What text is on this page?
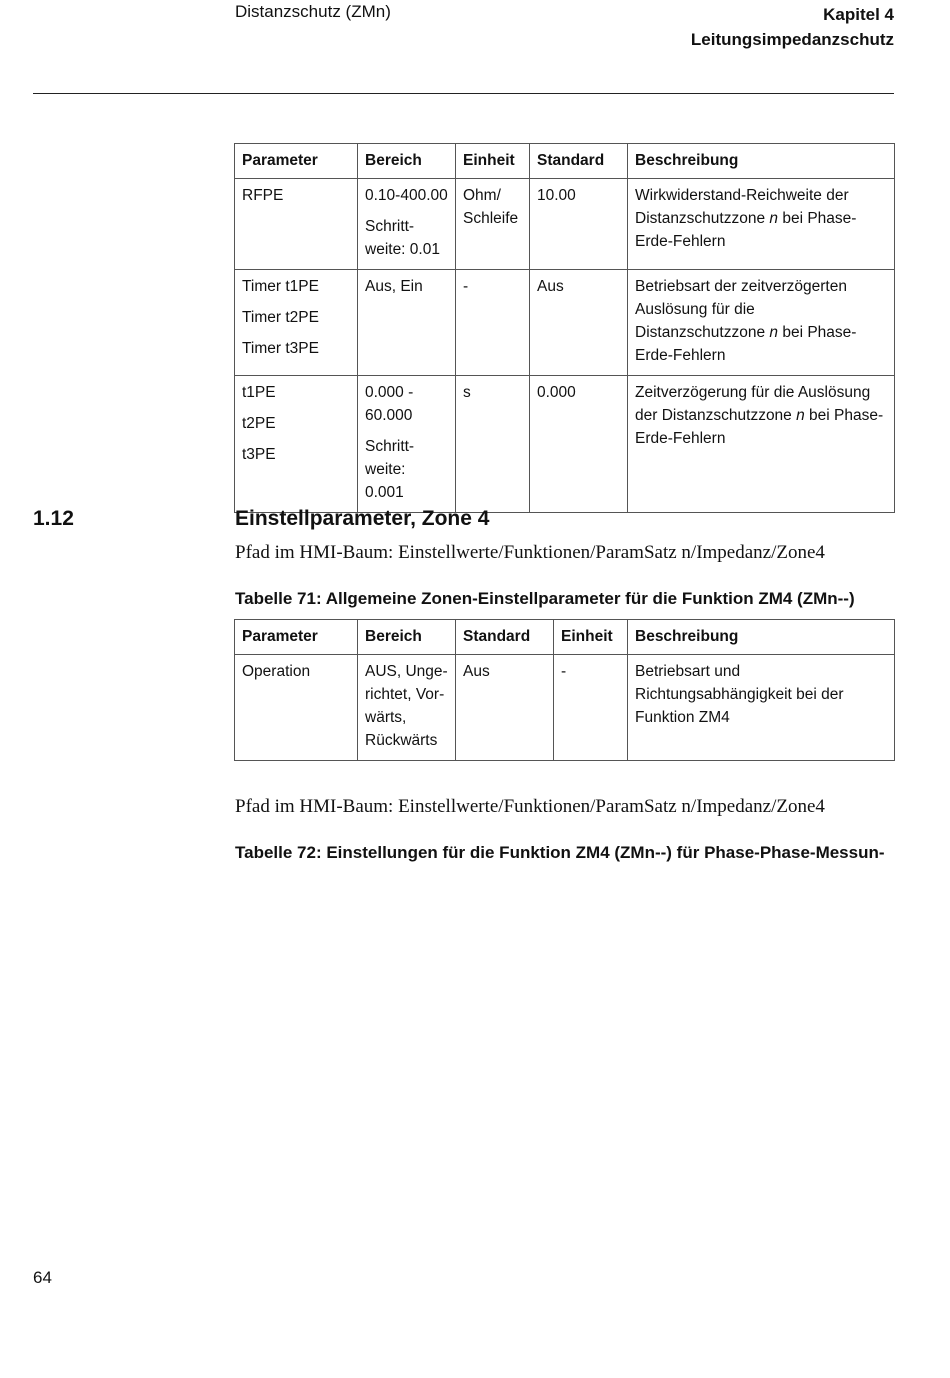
Distanzschutz (ZMn)	Kapitel 4
Leitungsimpedanzschutz
Parameter	Bereich	Einheit	Standard	Beschreibung

RFPE	0.10-400.00
Schritt-
weite: 0.01	Ohm/
Schleife	10.00	Wirkwiderstand-Reichweite der Distanzschutzzone n bei Phase-Erde-Fehlern

Timer t1PE
Timer t2PE
Timer t3PE	Aus, Ein	-	Aus	Betriebsart der zeitverzögerten Auslösung für die Distanzschutzzone n bei Phase-Erde-Fehlern

t1PE
t2PE
t3PE	0.000 -
60.000
Schritt-
weite: 0.001	s	0.000	Zeitverzögerung für die Auslösung der Distanzschutzzone n bei Phase-Erde-Fehlern
1.12	Einstellparameter, Zone 4
Pfad im HMI-Baum: Einstellwerte/Funktionen/ParamSatz n/Impedanz/Zone4
Tabelle 71: Allgemeine Zonen-Einstellparameter für die Funktion ZM4 (ZMn--)
Parameter	Bereich	Standard	Einheit	Beschreibung
Operation	AUS, Unge-
richtet, Vor-
wärts,
Rückwärts	Aus	-	Betriebsart und Richtungsabhängigkeit bei der Funktion ZM4
Pfad im HMI-Baum: Einstellwerte/Funktionen/ParamSatz n/Impedanz/Zone4
Tabelle 72: Einstellungen für die Funktion ZM4 (ZMn--) für Phase-Phase-Messun-
64
